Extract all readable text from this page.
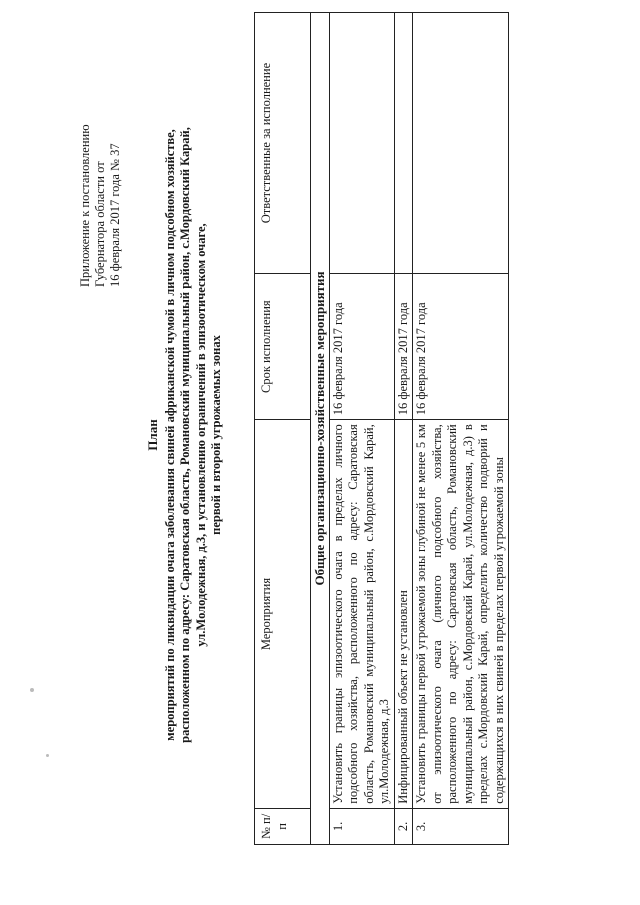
Приложение к постановлению Губернатора области от 16 февраля 2017 года № 37
План мероприятий по ликвидации очага заболевания свиней африканской чумой в личном подсобном хозяйстве, расположенном по адресу: Саратовская область, Романовский муниципальный район, с.Мордовский Карай, ул.Молодежная, д.3, и установлению ограничений в эпизоотическом очаге, первой и второй угрожаемых зонах
№ п/п	Мероприятия	Срок исполнения	Ответственные за исполнение
Общие организационно-хозяйственные мероприятия			
1.	Установить границы эпизоотического очага в пределах личного подсобного хозяйства, расположенного по адресу: Саратовская область, Романовский муниципальный район, с.Мордовский Карай, ул.Молодежная, д.3	16 февраля 2017 года	
2.	Инфицированный объект не установлен	16 февраля 2017 года	
3.	Установить границы первой угрожаемой зоны глубиной не менее 5 км от эпизоотического очага (личного подсобного хозяйства, расположенного по адресу: Саратовская область, Романовский муниципальный район, с.Мордовский Карай, ул.Молодежная, д.3) в пределах с.Мордовский Карай, определить количество подворий и содержащихся в них свиней в пределах первой угрожаемой зоны	16 февраля 2017 года	
